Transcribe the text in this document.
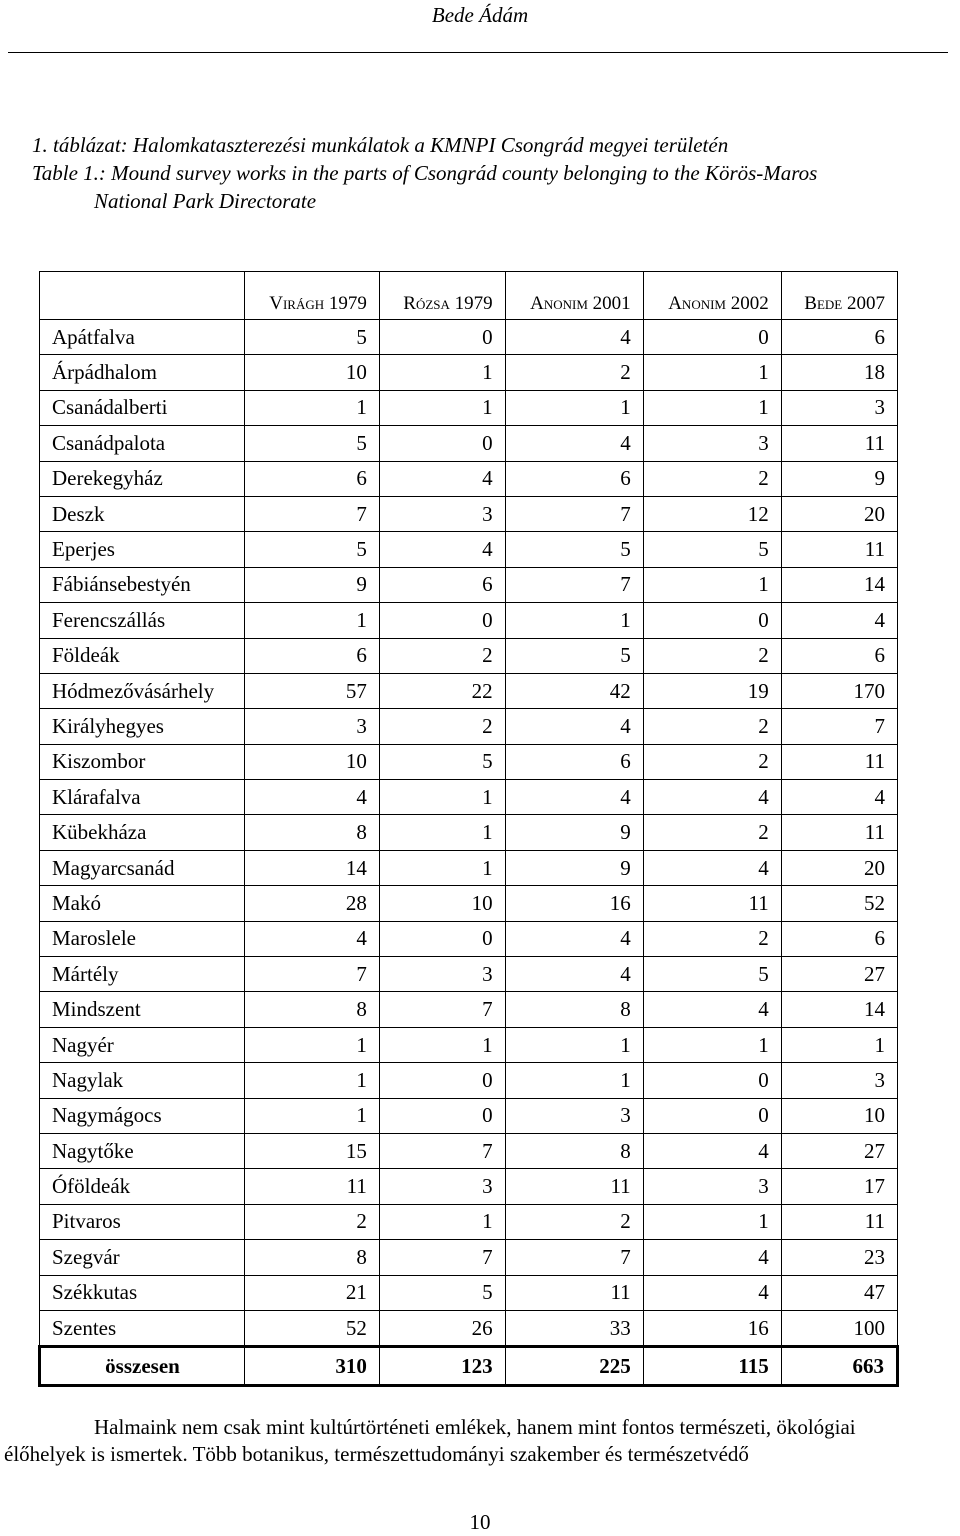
Bede Ádám
1. táblázat: Halomkataszterezési munkálatok a KMNPI Csongrád megyei területén
Table 1.: Mound survey works in the parts of Csongrád county belonging to the Körös-Maros
National Park Directorate
	Virágh 1979	Rózsa 1979	Anonim 2001	Anonim 2002	Bede 2007
Apátfalva	5	0	4	0	6
Árpádhalom	10	1	2	1	18
Csanádalberti	1	1	1	1	3
Csanádpalota	5	0	4	3	11
Derekegyház	6	4	6	2	9
Deszk	7	3	7	12	20
Eperjes	5	4	5	5	11
Fábiánsebestyén	9	6	7	1	14
Ferencszállás	1	0	1	0	4
Földeák	6	2	5	2	6
Hódmezővásárhely	57	22	42	19	170
Királyhegyes	3	2	4	2	7
Kiszombor	10	5	6	2	11
Klárafalva	4	1	4	4	4
Kübekháza	8	1	9	2	11
Magyarcsanád	14	1	9	4	20
Makó	28	10	16	11	52
Maroslele	4	0	4	2	6
Mártély	7	3	4	5	27
Mindszent	8	7	8	4	14
Nagyér	1	1	1	1	1
Nagylak	1	0	1	0	3
Nagymágocs	1	0	3	0	10
Nagytőke	15	7	8	4	27
Óföldeák	11	3	11	3	17
Pitvaros	2	1	2	1	11
Szegvár	8	7	7	4	23
Székkutas	21	5	11	4	47
Szentes	52	26	33	16	100
összesen	310	123	225	115	663
Halmaink nem csak mint kultúrtörténeti emlékek, hanem mint fontos természeti, ökológiai
élőhelyek is ismertek. Több botanikus, természettudományi szakember és természetvédő
10
